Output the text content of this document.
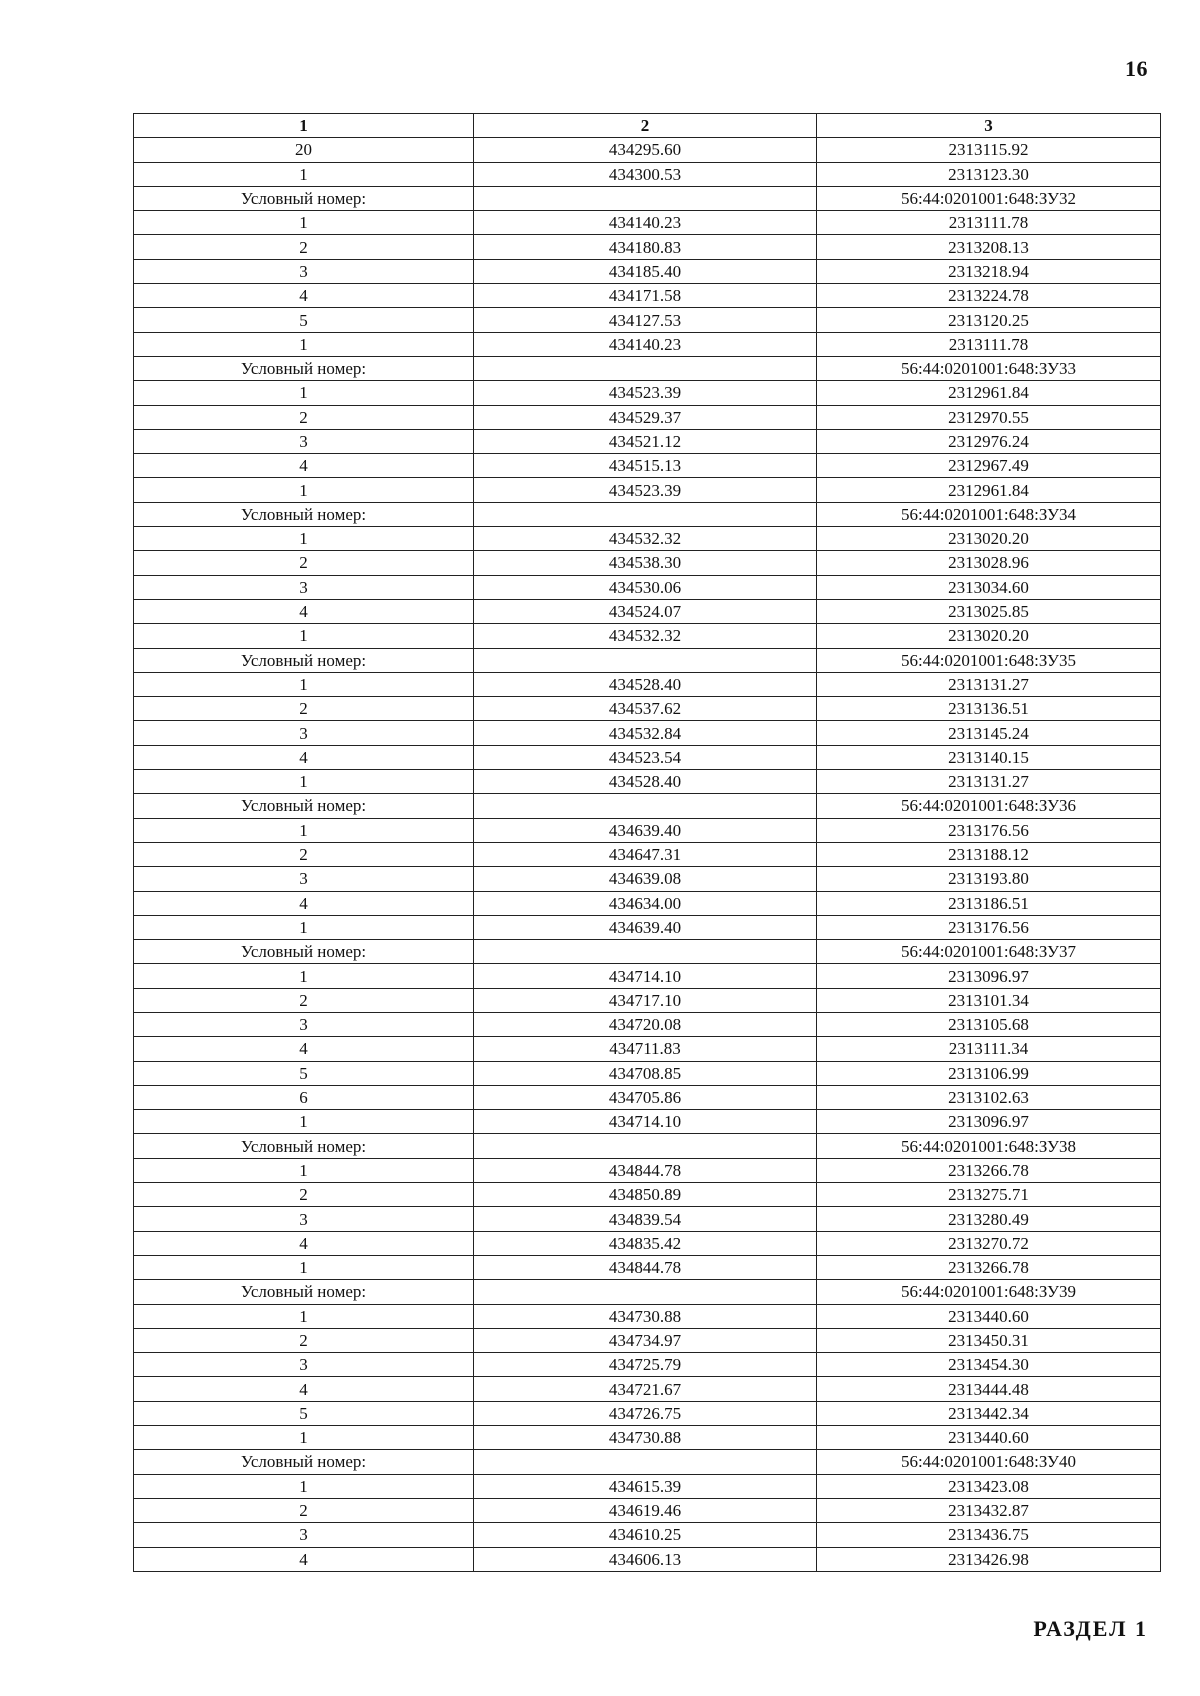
16
1	2	3
20	434295.60	2313115.92
1	434300.53	2313123.30
Условный номер:		56:44:0201001:648:ЗУ32
1	434140.23	2313111.78
2	434180.83	2313208.13
3	434185.40	2313218.94
4	434171.58	2313224.78
5	434127.53	2313120.25
1	434140.23	2313111.78
Условный номер:		56:44:0201001:648:ЗУ33
1	434523.39	2312961.84
2	434529.37	2312970.55
3	434521.12	2312976.24
4	434515.13	2312967.49
1	434523.39	2312961.84
Условный номер:		56:44:0201001:648:ЗУ34
1	434532.32	2313020.20
2	434538.30	2313028.96
3	434530.06	2313034.60
4	434524.07	2313025.85
1	434532.32	2313020.20
Условный номер:		56:44:0201001:648:ЗУ35
1	434528.40	2313131.27
2	434537.62	2313136.51
3	434532.84	2313145.24
4	434523.54	2313140.15
1	434528.40	2313131.27
Условный номер:		56:44:0201001:648:ЗУ36
1	434639.40	2313176.56
2	434647.31	2313188.12
3	434639.08	2313193.80
4	434634.00	2313186.51
1	434639.40	2313176.56
Условный номер:		56:44:0201001:648:ЗУ37
1	434714.10	2313096.97
2	434717.10	2313101.34
3	434720.08	2313105.68
4	434711.83	2313111.34
5	434708.85	2313106.99
6	434705.86	2313102.63
1	434714.10	2313096.97
Условный номер:		56:44:0201001:648:ЗУ38
1	434844.78	2313266.78
2	434850.89	2313275.71
3	434839.54	2313280.49
4	434835.42	2313270.72
1	434844.78	2313266.78
Условный номер:		56:44:0201001:648:ЗУ39
1	434730.88	2313440.60
2	434734.97	2313450.31
3	434725.79	2313454.30
4	434721.67	2313444.48
5	434726.75	2313442.34
1	434730.88	2313440.60
Условный номер:		56:44:0201001:648:ЗУ40
1	434615.39	2313423.08
2	434619.46	2313432.87
3	434610.25	2313436.75
4	434606.13	2313426.98
РАЗДЕЛ 1
